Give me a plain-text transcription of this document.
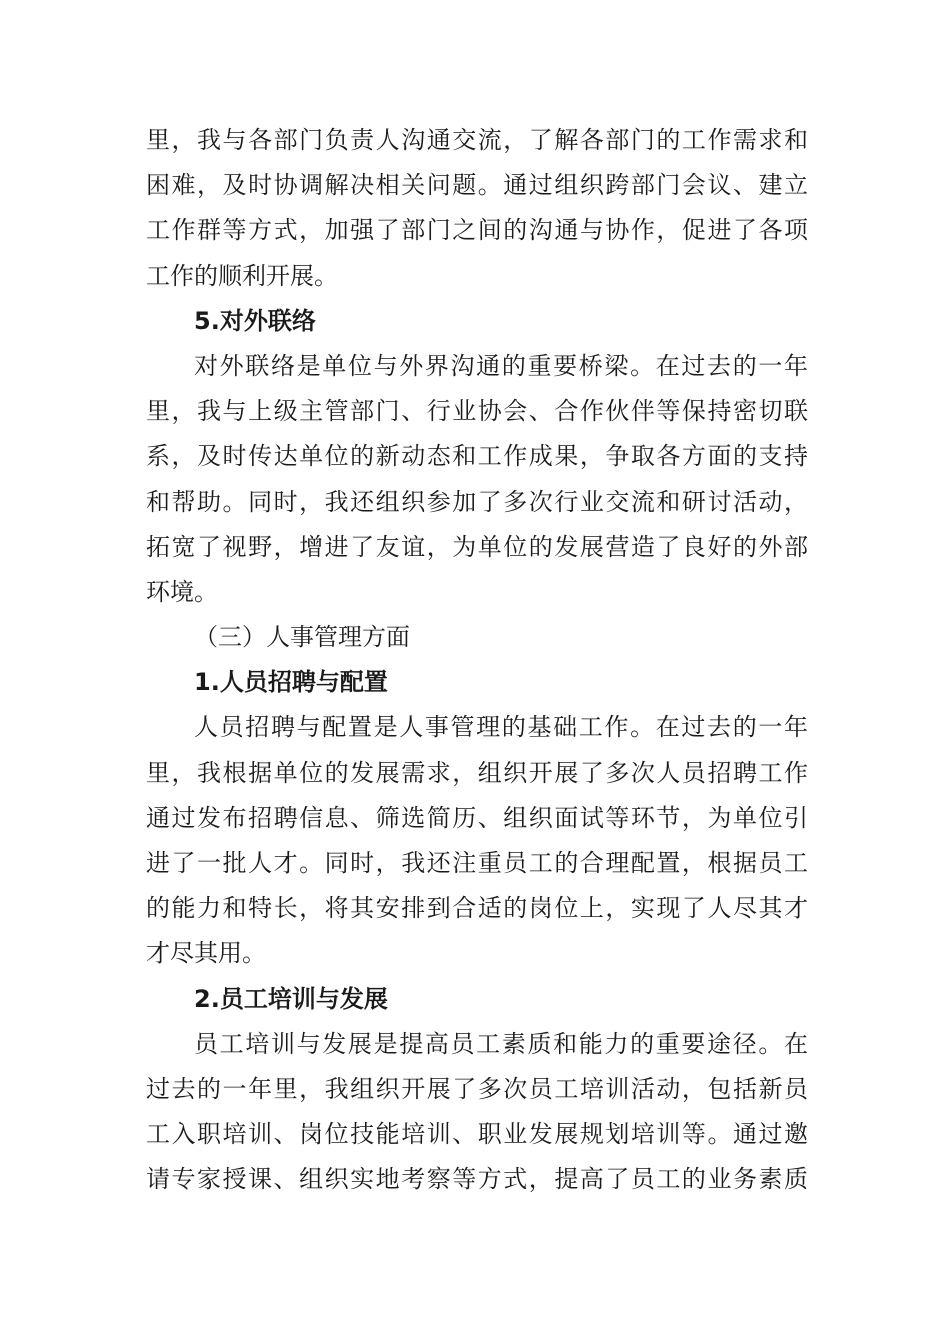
里，我与各部门负责人沟通交流，了解各部门的工作需求和
困难，及时协调解决相关问题。通过组织跨部门会议、建立
工作群等方式，加强了部门之间的沟通与协作，促进了各项
工作的顺利开展。
5.对外联络
对外联络是单位与外界沟通的重要桥梁。在过去的一年
里，我与上级主管部门、行业协会、合作伙伴等保持密切联
系，及时传达单位的新动态和工作成果，争取各方面的支持
和帮助。同时，我还组织参加了多次行业交流和研讨活动，
拓宽了视野，增进了友谊，为单位的发展营造了良好的外部
环境。
（三）人事管理方面
1.人员招聘与配置
人员招聘与配置是人事管理的基础工作。在过去的一年
里，我根据单位的发展需求，组织开展了多次人员招聘工作
通过发布招聘信息、筛选简历、组织面试等环节，为单位引
进了一批人才。同时，我还注重员工的合理配置，根据员工
的能力和特长，将其安排到合适的岗位上，实现了人尽其才
才尽其用。
2.员工培训与发展
员工培训与发展是提高员工素质和能力的重要途径。在
过去的一年里，我组织开展了多次员工培训活动，包括新员
工入职培训、岗位技能培训、职业发展规划培训等。通过邀
请专家授课、组织实地考察等方式，提高了员工的业务素质
